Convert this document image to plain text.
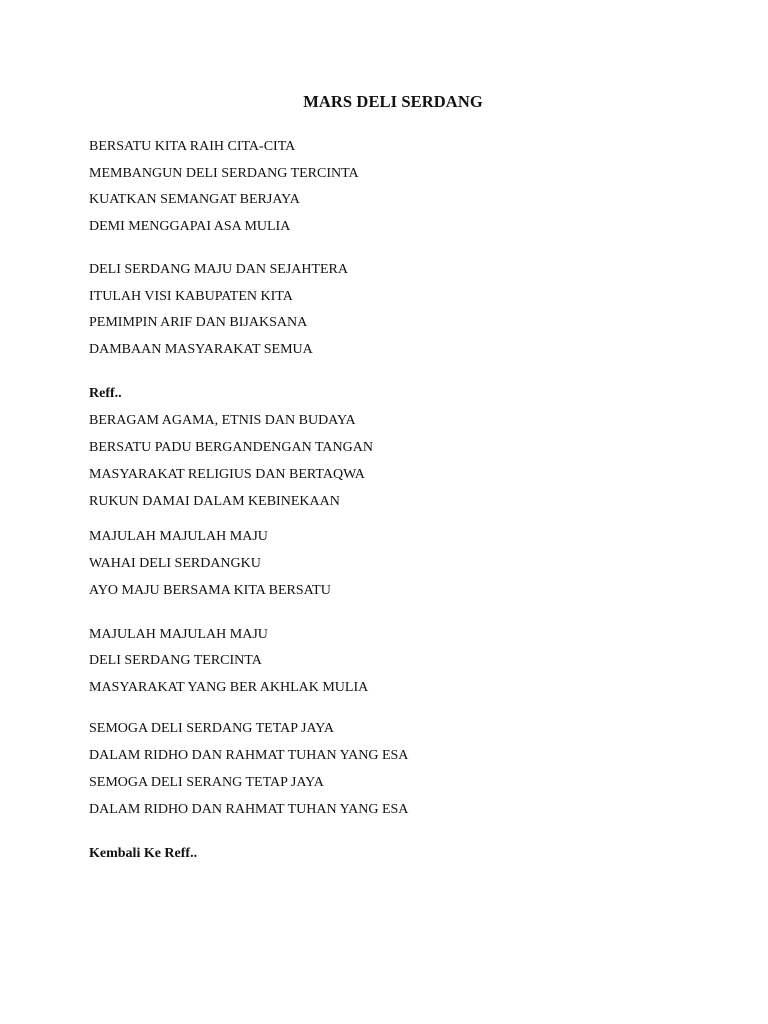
MARS DELI SERDANG
BERSATU KITA RAIH CITA-CITA
MEMBANGUN DELI SERDANG TERCINTA
KUATKAN SEMANGAT BERJAYA
DEMI MENGGAPAI ASA MULIA
DELI SERDANG MAJU DAN SEJAHTERA
ITULAH VISI KABUPATEN KITA
PEMIMPIN ARIF DAN BIJAKSANA
DAMBAAN MASYARAKAT SEMUA
Reff..
BERAGAM AGAMA, ETNIS DAN BUDAYA
BERSATU PADU BERGANDENGAN TANGAN
MASYARAKAT RELIGIUS DAN BERTAQWA
RUKUN DAMAI DALAM KEBINEKAAN
MAJULAH MAJULAH MAJU
WAHAI DELI SERDANGKU
AYO MAJU BERSAMA KITA BERSATU
MAJULAH MAJULAH MAJU
DELI SERDANG TERCINTA
MASYARAKAT YANG BER AKHLAK MULIA
SEMOGA DELI SERDANG TETAP JAYA
DALAM RIDHO DAN RAHMAT TUHAN YANG ESA
SEMOGA DELI SERANG TETAP JAYA
DALAM RIDHO DAN RAHMAT TUHAN YANG ESA
Kembali Ke Reff..
